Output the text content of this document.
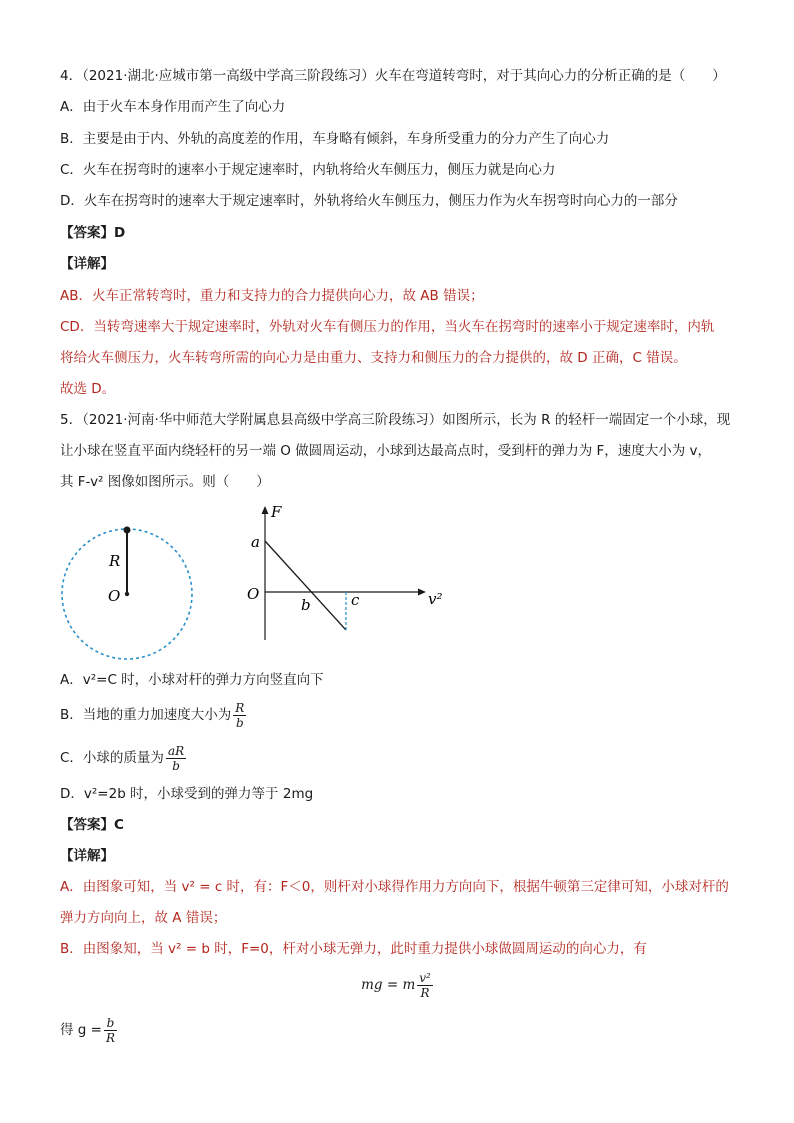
4．（2021·湖北·应城市第一高级中学高三阶段练习）火车在弯道转弯时，对于其向心力的分析正确的是（　　）
A．由于火车本身作用而产生了向心力
B．主要是由于内、外轨的高度差的作用，车身略有倾斜，车身所受重力的分力产生了向心力
C．火车在拐弯时的速率小于规定速率时，内轨将给火车侧压力，侧压力就是向心力
D．火车在拐弯时的速率大于规定速率时，外轨将给火车侧压力，侧压力作为火车拐弯时向心力的一部分
【答案】D
【详解】
AB．火车正常转弯时，重力和支持力的合力提供向心力，故 AB 错误；
CD．当转弯速率大于规定速率时，外轨对火车有侧压力的作用，当火车在拐弯时的速率小于规定速率时，内轨
将给火车侧压力，火车转弯所需的向心力是由重力、支持力和侧压力的合力提供的，故 D 正确，C 错误。
故选 D。
5．（2021·河南·华中师范大学附属息县高级中学高三阶段练习）如图所示，长为 R 的轻杆一端固定一个小球，现
让小球在竖直平面内绕轻杆的另一端 O 做圆周运动，小球到达最高点时，受到杆的弹力为 F，速度大小为 v，
其 F-v² 图像如图所示。则（　　）
R
O
F
a
O
b	c	v²
A．v²=C 时，小球对杆的弹力方向竖直向下
B．当地的重力加速度大小为 $\frac{R}{b}$
C．小球的质量为 $\frac{aR}{b}$
D．v²=2b 时，小球受到的弹力等于 2mg
【答案】C
【详解】
A．由图象可知，当 v² = c 时，有：F＜0，则杆对小球得作用力方向向下，根据牛顿第三定律可知，小球对杆的
弹力方向向上，故 A 错误；
B．由图象知，当 v² = b 时，F=0，杆对小球无弹力，此时重力提供小球做圆周运动的向心力，有
mg = m $\frac{\text{v²}}{R}$
得 $g = \frac{b}{R}$
